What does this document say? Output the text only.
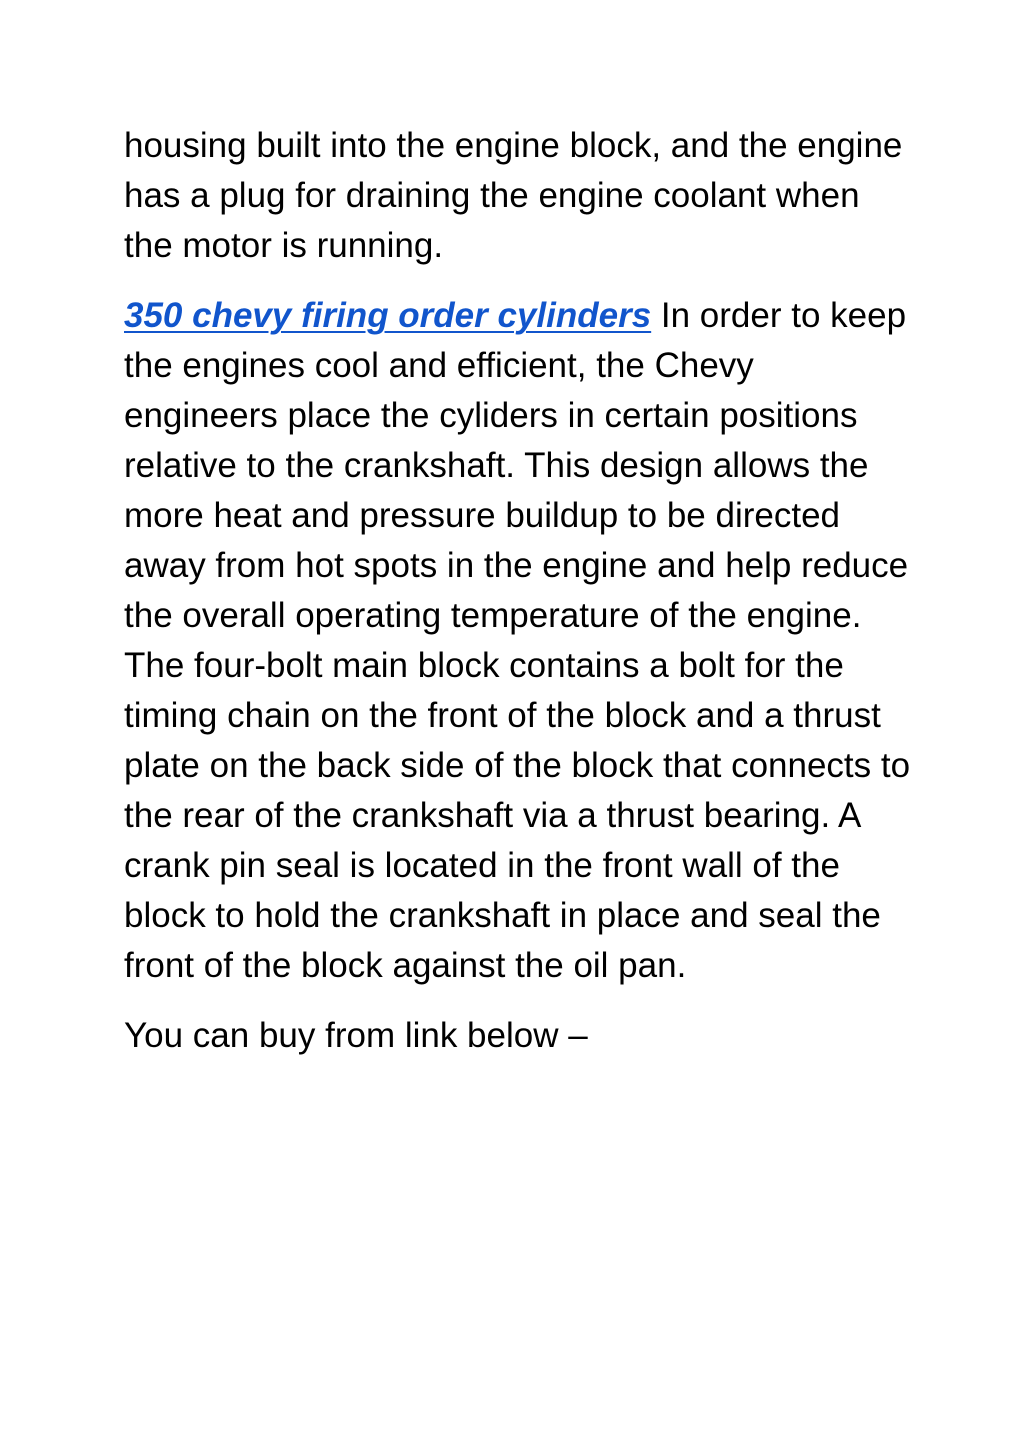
housing built into the engine block, and the engine has a plug for draining the engine coolant when the motor is running.

350 chevy firing order cylinders In order to keep the engines cool and efficient, the Chevy engineers place the cyliders in certain positions relative to the crankshaft. This design allows the more heat and pressure buildup to be directed away from hot spots in the engine and help reduce the overall operating temperature of the engine. The four-bolt main block contains a bolt for the timing chain on the front of the block and a thrust plate on the back side of the block that connects to the rear of the crankshaft via a thrust bearing. A crank pin seal is located in the front wall of the block to hold the crankshaft in place and seal the front of the block against the oil pan.

You can buy from link below –
